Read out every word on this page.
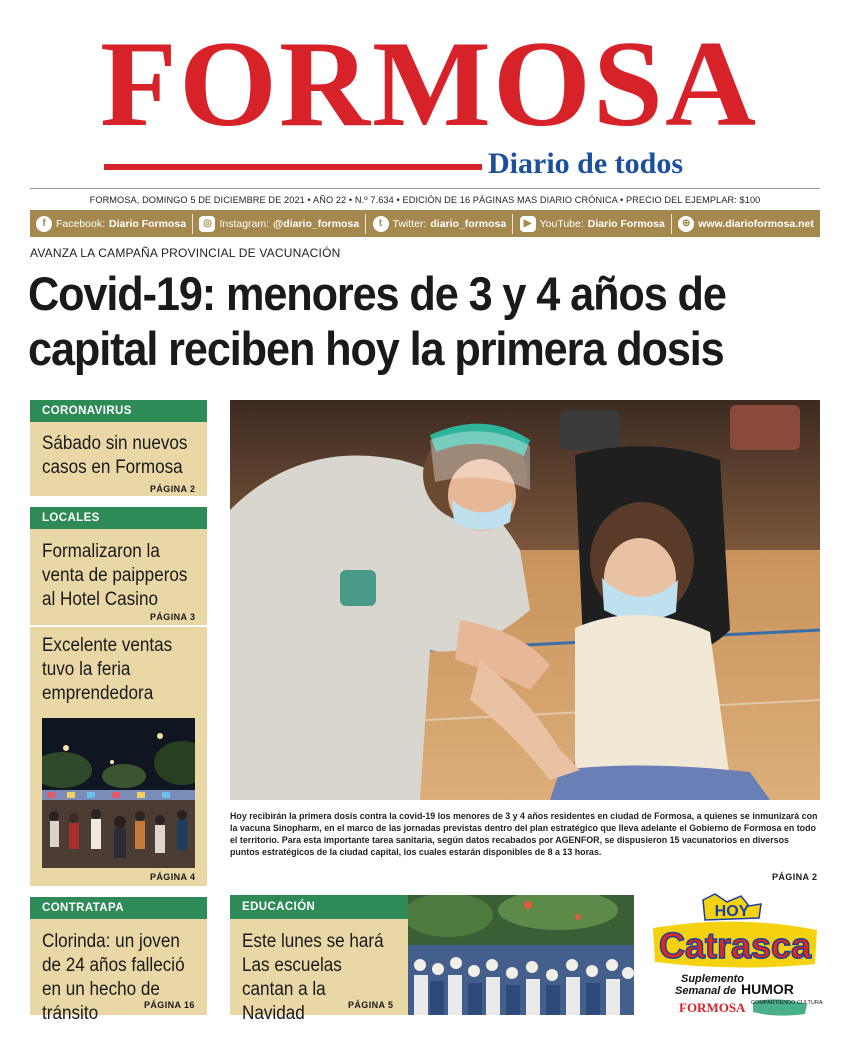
FORMOSA
Diario de todos
FORMOSA, DOMINGO 5 DE DICIEMBRE DE 2021 • AÑO 22 • N.º 7.634 • EDICIÓN DE 16 PÁGINAS MAS DIARIO CRÓNICA • PRECIO DEL EJEMPLAR: $100
f Facebook: Diario Formosa	◎ Instagram: @diario_formosa	t Twitter: diario_formosa	▶ YouTube: Diario Formosa	⊕ www.diarioformosa.net
AVANZA LA CAMPAÑA PROVINCIAL DE VACUNACIÓN
Covid-19: menores de 3 y 4 años de capital reciben hoy la primera dosis
CORONAVIRUS
Sábado sin nuevos casos en Formosa
PÁGINA 2
LOCALES
Formalizaron la venta de paipperos al Hotel Casino
PÁGINA 3
Excelente ventas tuvo la feria emprendedora
PÁGINA 4
CONTRATAPA
Clorinda: un joven de 24 años falleció en un hecho de tránsito	PÁGINA 16
Hoy recibirán la primera dosis contra la covid-19 los menores de 3 y 4 años residentes en ciudad de Formosa, a quienes se inmunizará con la vacuna Sinopharm, en el marco de las jornadas previstas dentro del plan estratégico que lleva adelante el Gobierno de Formosa en todo el territorio. Para esta importante tarea sanitaria, según datos recabados por AGENFOR, se dispusieron 15 vacunatorios en diversos puntos estratégicos de la ciudad capital, los cuales estarán disponibles de 8 a 13 horas.
PÁGINA 2
EDUCACIÓN
Este lunes se hará Las escuelas cantan a la Navidad	PÁGINA 5
HOY
Catrasca
Suplemento
Semanal de HUMOR
FORMOSA COMPARTIENDO CULTURA
